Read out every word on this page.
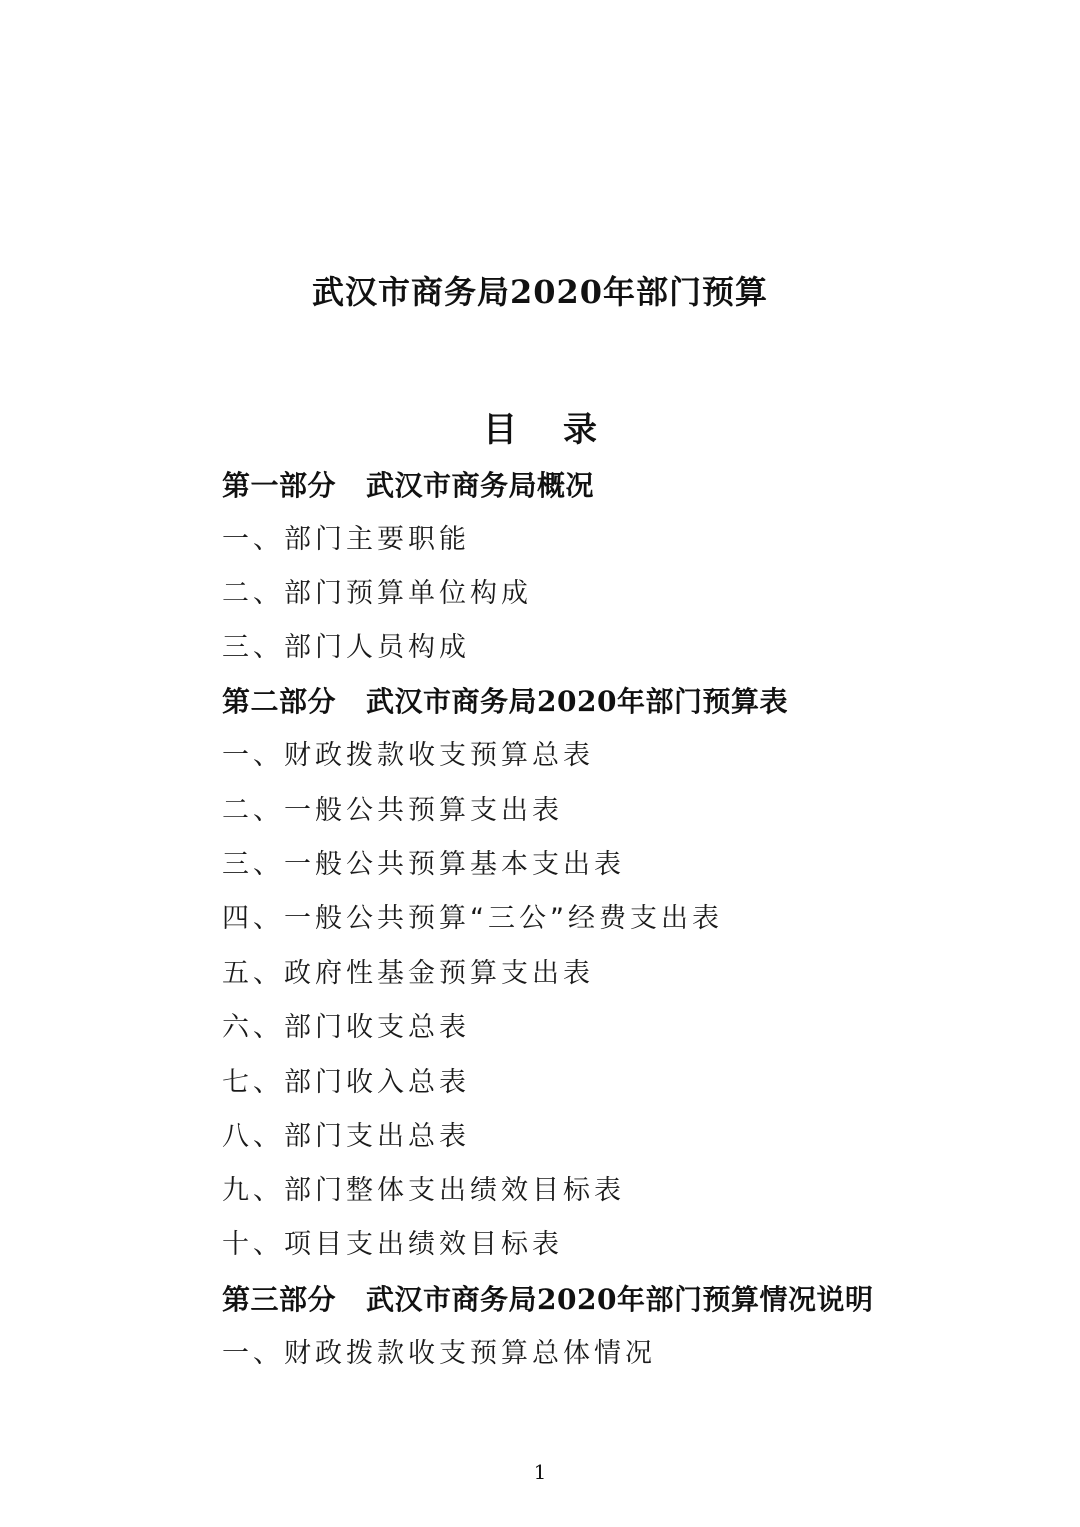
武汉市商务局2020年部门预算
目 录
第一部分 武汉市商务局概况
一、部门主要职能
二、部门预算单位构成
三、部门人员构成
第二部分 武汉市商务局2020年部门预算表
一、财政拨款收支预算总表
二、一般公共预算支出表
三、一般公共预算基本支出表
四、一般公共预算“三公”经费支出表
五、政府性基金预算支出表
六、部门收支总表
七、部门收入总表
八、部门支出总表
九、部门整体支出绩效目标表
十、项目支出绩效目标表
第三部分 武汉市商务局2020年部门预算情况说明
一、财政拨款收支预算总体情况
1
